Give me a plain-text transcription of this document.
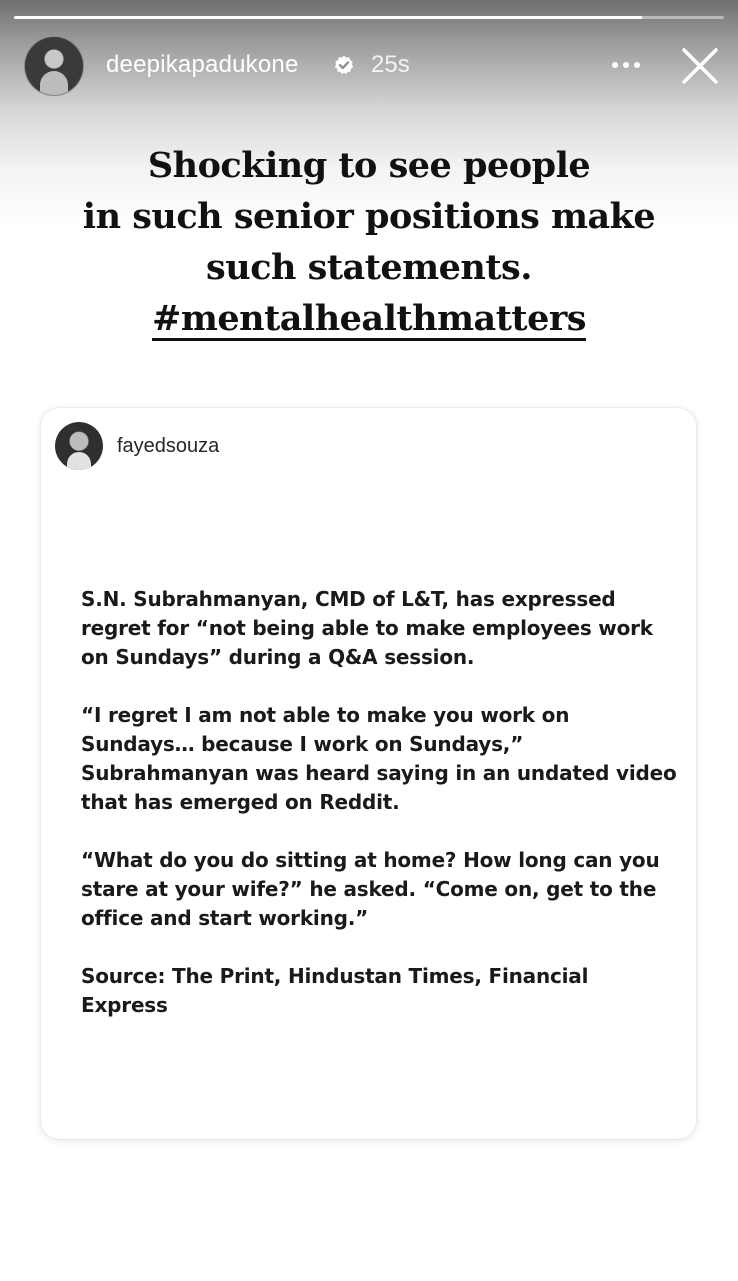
deepikapadukone	25s
Shocking to see people
in such senior positions make
such statements.
#mentalhealthmatters
fayedsouza

S.N. Subrahmanyan, CMD of L&T, has expressed regret for “not being able to make employees work on Sundays” during a Q&A session.

“I regret I am not able to make you work on Sundays… because I work on Sundays,” Subrahmanyan was heard saying in an undated video that has emerged on Reddit.

“What do you do sitting at home? How long can you stare at your wife?” he asked. “Come on, get to the office and start working.”

Source: The Print, Hindustan Times, Financial Express
